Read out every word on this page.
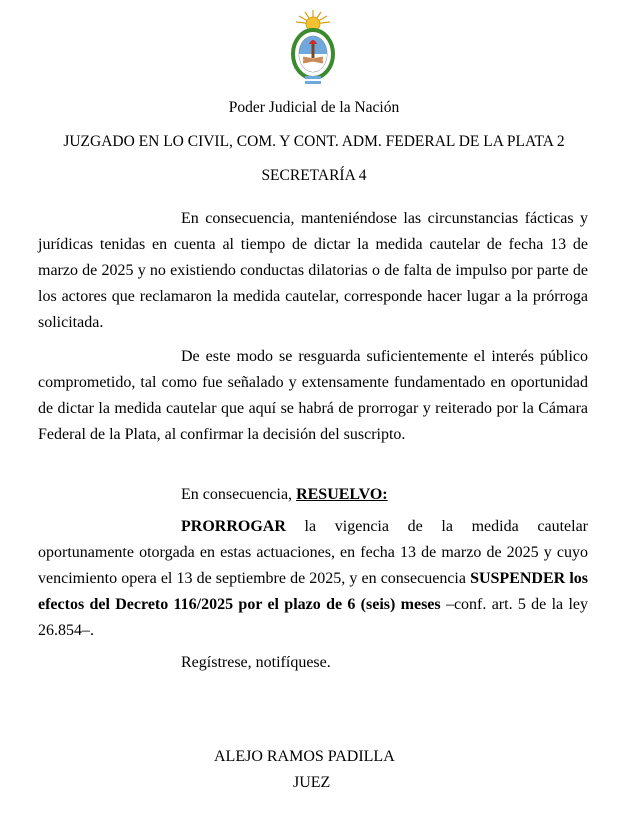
Poder Judicial de la Nación
JUZGADO EN LO CIVIL, COM. Y CONT. ADM. FEDERAL DE LA PLATA 2
SECRETARÍA 4

En consecuencia, manteniéndose las circunstancias fácticas y jurídicas tenidas en cuenta al tiempo de dictar la medida cautelar de fecha 13 de marzo de 2025 y no existiendo conductas dilatorias o de falta de impulso por parte de los actores que reclamaron la medida cautelar, corresponde hacer lugar a la prórroga solicitada.

De este modo se resguarda suficientemente el interés público comprometido, tal como fue señalado y extensamente fundamentado en oportunidad de dictar la medida cautelar que aquí se habrá de prorrogar y reiterado por la Cámara Federal de la Plata, al confirmar la decisión del suscripto.

En consecuencia, RESUELVO:

PRORROGAR la vigencia de la medida cautelar oportunamente otorgada en estas actuaciones, en fecha 13 de marzo de 2025 y cuyo vencimiento opera el 13 de septiembre de 2025, y en consecuencia SUSPENDER los efectos del Decreto 116/2025 por el plazo de 6 (seis) meses –conf. art. 5 de la ley 26.854–.

Regístrese, notifíquese.

ALEJO RAMOS PADILLA
JUEZ
